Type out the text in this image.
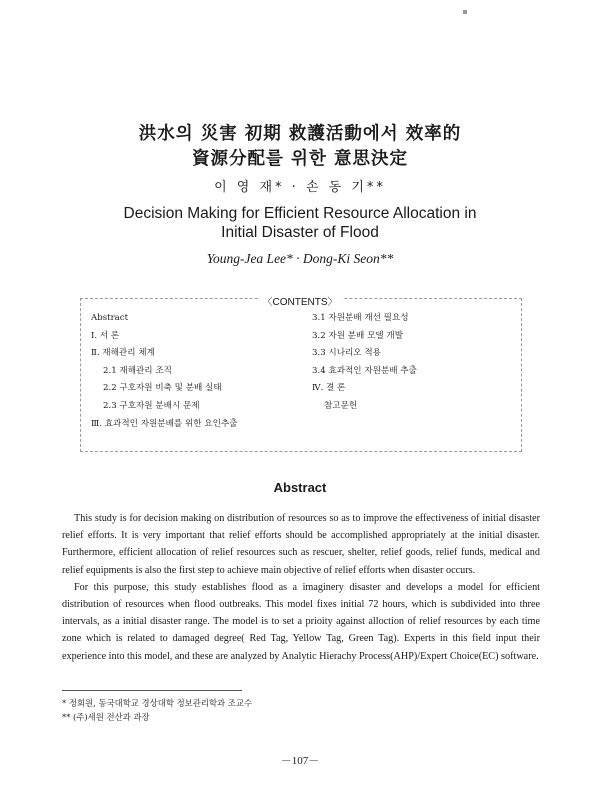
洪水의 災害 初期 救護活動에서 效率的
資源分配를 위한 意思決定
이 영 재* · 손 동 기**
Decision Making for Efficient Resource Allocation in
Initial Disaster of Flood
Young-Jea Lee* · Dong-Ki Seon**
〈CONTENTS〉
Abstract
Ⅰ. 서 론
Ⅱ. 재해관리 체계
2.1 재해관리 조직
2.2 구호자원 비축 및 분배 실태
2.3 구호자원 분배시 문제
Ⅲ. 효과적인 자원분배를 위한 요인추출
3.1 자원분배 개선 필요성
3.2 자원 분배 모델 개발
3.3 시나리오 적용
3.4 효과적인 자원분배 추출
Ⅳ. 결 론
참고문헌
Abstract

This study is for decision making on distribution of resources so as to improve the effectiveness of initial disaster relief efforts. It is very important that relief efforts should be accomplished appropriately at the initial disaster. Furthermore, efficient allocation of relief resources such as rescuer, shelter, relief goods, relief funds, medical and relief equipments is also the first step to achieve main objective of relief efforts when disaster occurs.

For this purpose, this study establishes flood as a imaginery disaster and develops a model for efficient distribution of resources when flood outbreaks. This model fixes initial 72 hours, which is subdivided into three intervals, as a initial disaster range. The model is to set a prioity against alloction of relief resources by each time zone which is related to damaged degree( Red Tag, Yellow Tag, Green Tag). Experts in this field input their experience into this model, and these are analyzed by Analytic Hierachy Process(AHP)/Expert Choice(EC) software.

* 정회원, 동국대학교 경상대학 정보관리학과 조교수
** (주)세원 전산과 과장
－107－
